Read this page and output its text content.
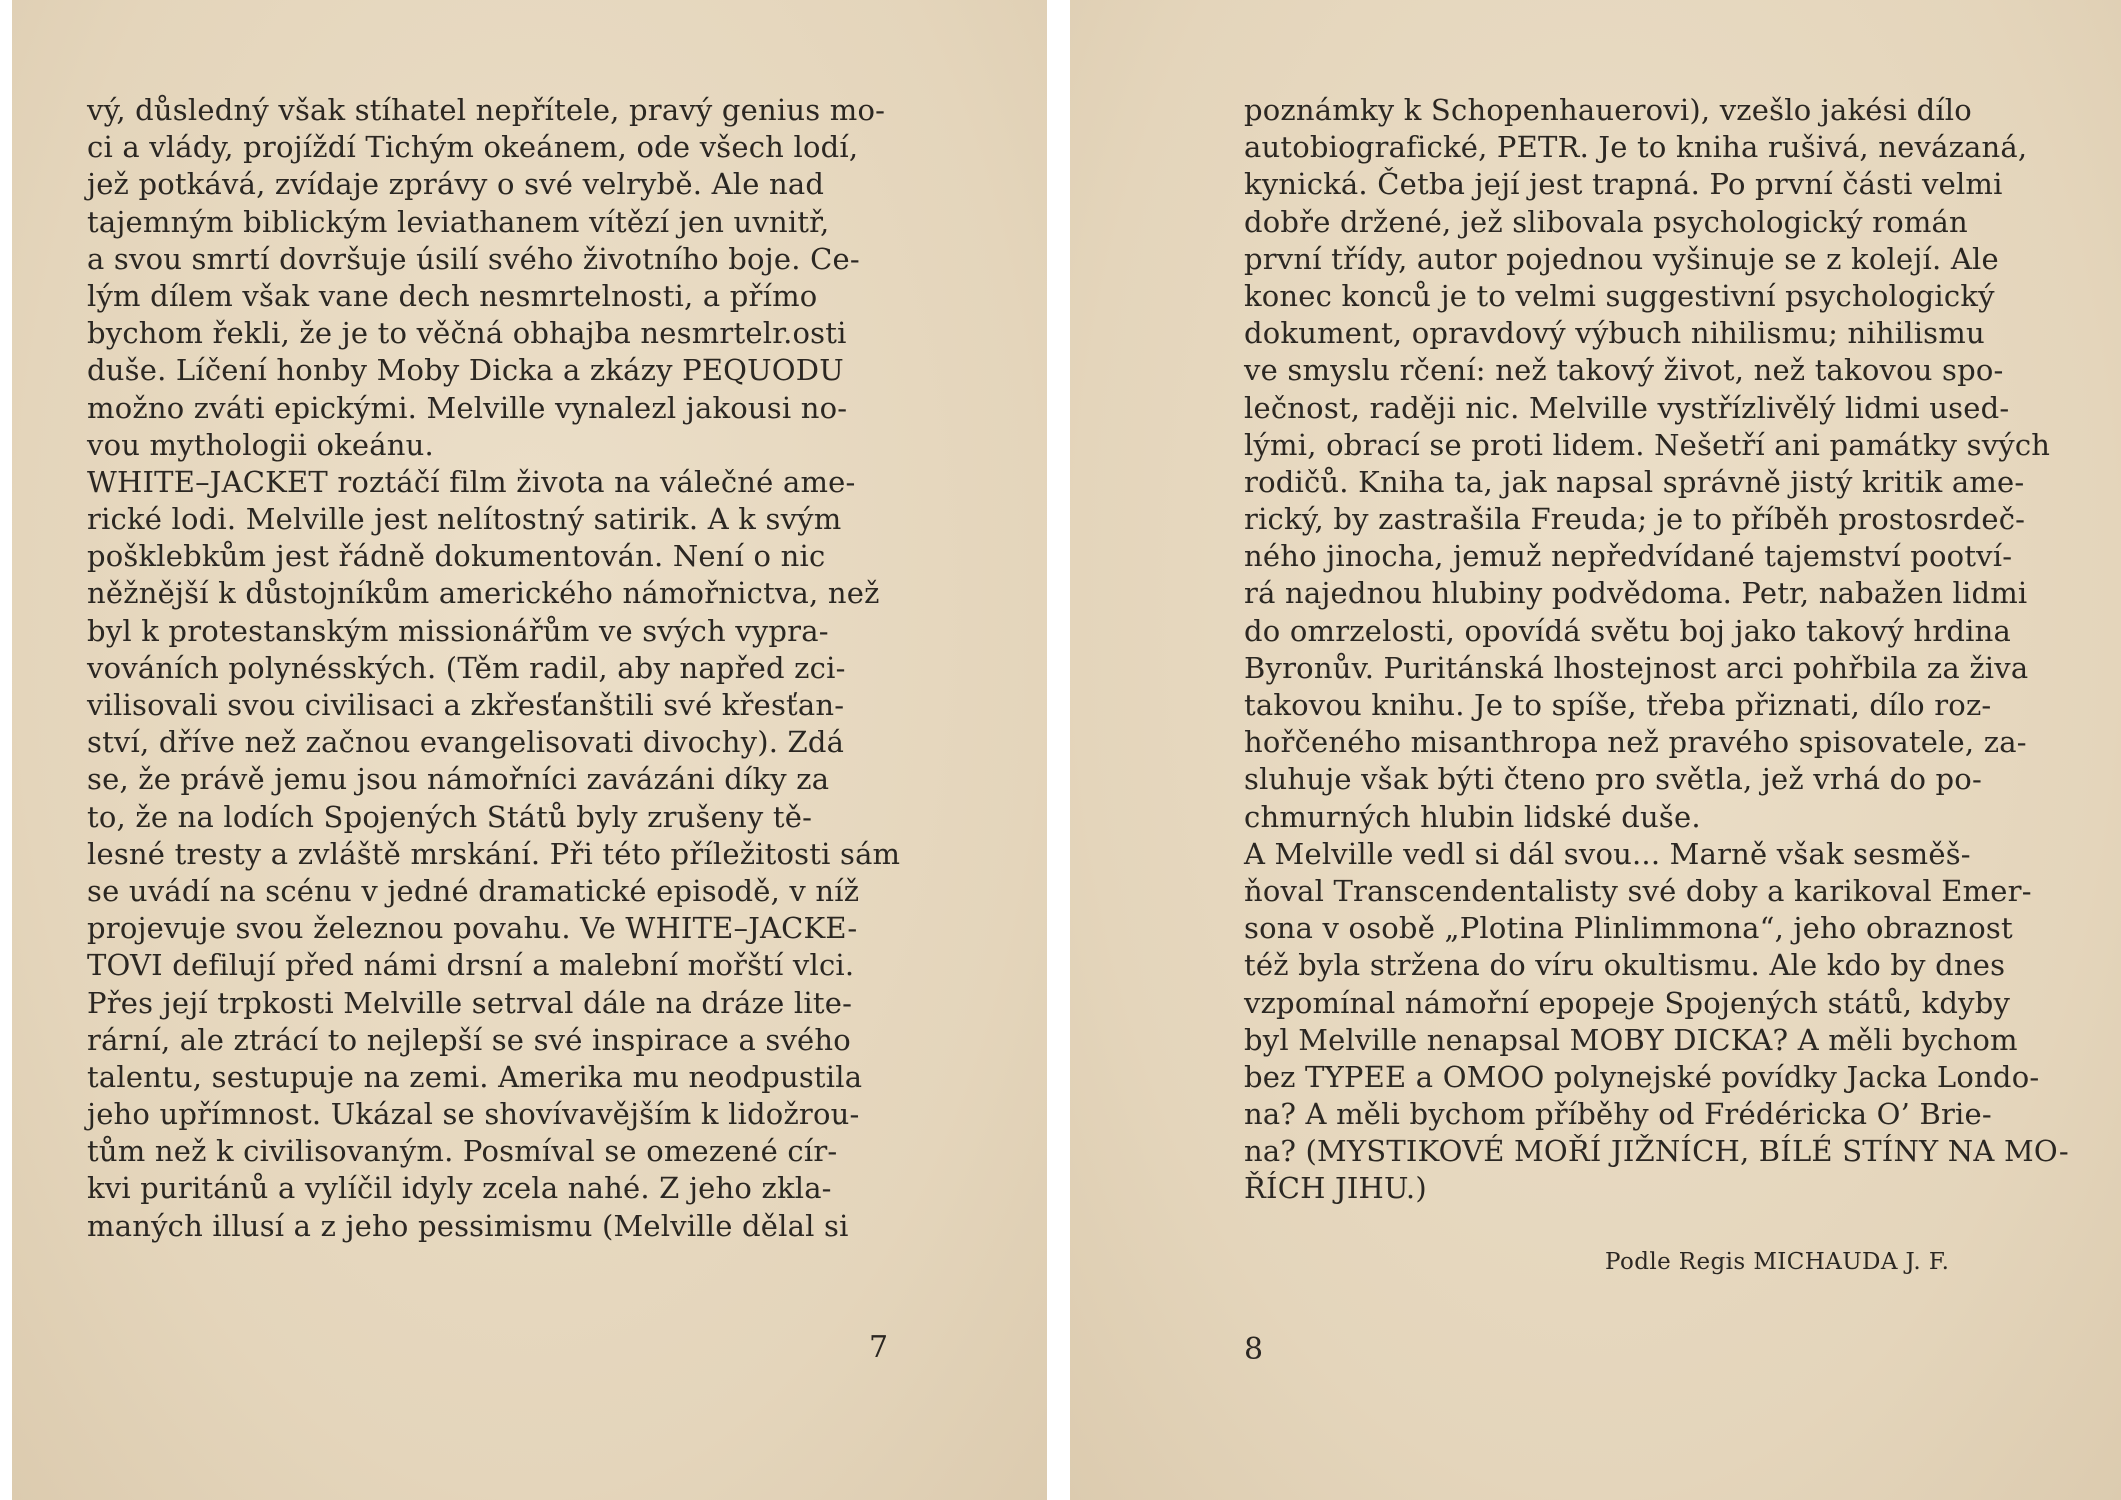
vý, důsledný však stíhatel nepřítele, pravý genius mo-
ci a vlády, projíždí Tichým okeánem, ode všech lodí,
jež potkává, zvídaje zprávy o své velrybě. Ale nad
tajemným biblickým leviathanem vítězí jen uvnitř,
a svou smrtí dovršuje úsilí svého životního boje. Ce-
lým dílem však vane dech nesmrtelnosti, a přímo
bychom řekli, že je to věčná obhajba nesmrtelr.osti
duše. Líčení honby Moby Dicka a zkázy PEQUODU
možno zváti epickými. Melville vynalezl jakousi no-
vou mythologii okeánu.
WHITE–JACKET roztáčí film života na válečné ame-
rické lodi. Melville jest nelítostný satirik. A k svým
pošklebkům jest řádně dokumentován. Není o nic
něžnější k důstojníkům amerického námořnictva, než
byl k protestanským missionářům ve svých vypra-
vováních polynésských. (Těm radil, aby napřed zci-
vilisovali svou civilisaci a zkřesťanštili své křesťan-
ství, dříve než začnou evangelisovati divochy). Zdá
se, že právě jemu jsou námořníci zavázáni díky za
to, že na lodích Spojených Států byly zrušeny tě-
lesné tresty a zvláště mrskání. Při této příležitosti sám
se uvádí na scénu v jedné dramatické episodě, v níž
projevuje svou železnou povahu. Ve WHITE–JACKE-
TOVI defilují před námi drsní a malební mořští vlci.
Přes její trpkosti Melville setrval dále na dráze lite-
rární, ale ztrácí to nejlepší se své inspirace a svého
talentu, sestupuje na zemi. Amerika mu neodpustila
jeho upřímnost. Ukázal se shovívavějším k lidožrou-
tům než k civilisovaným. Posmíval se omezené cír-
kvi puritánů a vylíčil idyly zcela nahé. Z jeho zkla-
maných illusí a z jeho pessimismu (Melville dělal si
7
poznámky k Schopenhauerovi), vzešlo jakési dílo
autobiografické, PETR. Je to kniha rušivá, nevázaná,
kynická. Četba její jest trapná. Po první části velmi
dobře držené, jež slibovala psychologický román
první třídy, autor pojednou vyšinuje se z kolejí. Ale
konec konců je to velmi suggestivní psychologický
dokument, opravdový výbuch nihilismu; nihilismu
ve smyslu rčení: než takový život, než takovou spo-
lečnost, raději nic. Melville vystřízlivělý lidmi used-
lými, obrací se proti lidem. Nešetří ani památky svých
rodičů. Kniha ta, jak napsal správně jistý kritik ame-
rický, by zastrašila Freuda; je to příběh prostosrdeč-
ného jinocha, jemuž nepředvídané tajemství pootví-
rá najednou hlubiny podvědoma. Petr, nabažen lidmi
do omrzelosti, opovídá světu boj jako takový hrdina
Byronův. Puritánská lhostejnost arci pohřbila za živa
takovou knihu. Je to spíše, třeba přiznati, dílo roz-
hořčeného misanthropa než pravého spisovatele, za-
sluhuje však býti čteno pro světla, jež vrhá do po-
chmurných hlubin lidské duše.
A Melville vedl si dál svou... Marně však sesměš-
ňoval Transcendentalisty své doby a karikoval Emer-
sona v osobě „Plotina Plinlimmona“, jeho obraznost
též byla stržena do víru okultismu. Ale kdo by dnes
vzpomínal námořní epopeje Spojených států, kdyby
byl Melville nenapsal MOBY DICKA? A měli bychom
bez TYPEE a OMOO polynejské povídky Jacka Londo-
na? A měli bychom příběhy od Frédéricka O’ Brie-
na? (MYSTIKOVÉ MOŘÍ JIŽNÍCH, BÍLÉ STÍNY NA MO-
ŘÍCH JIHU.)
8
Podle Regis MICHAUDA J. F.
